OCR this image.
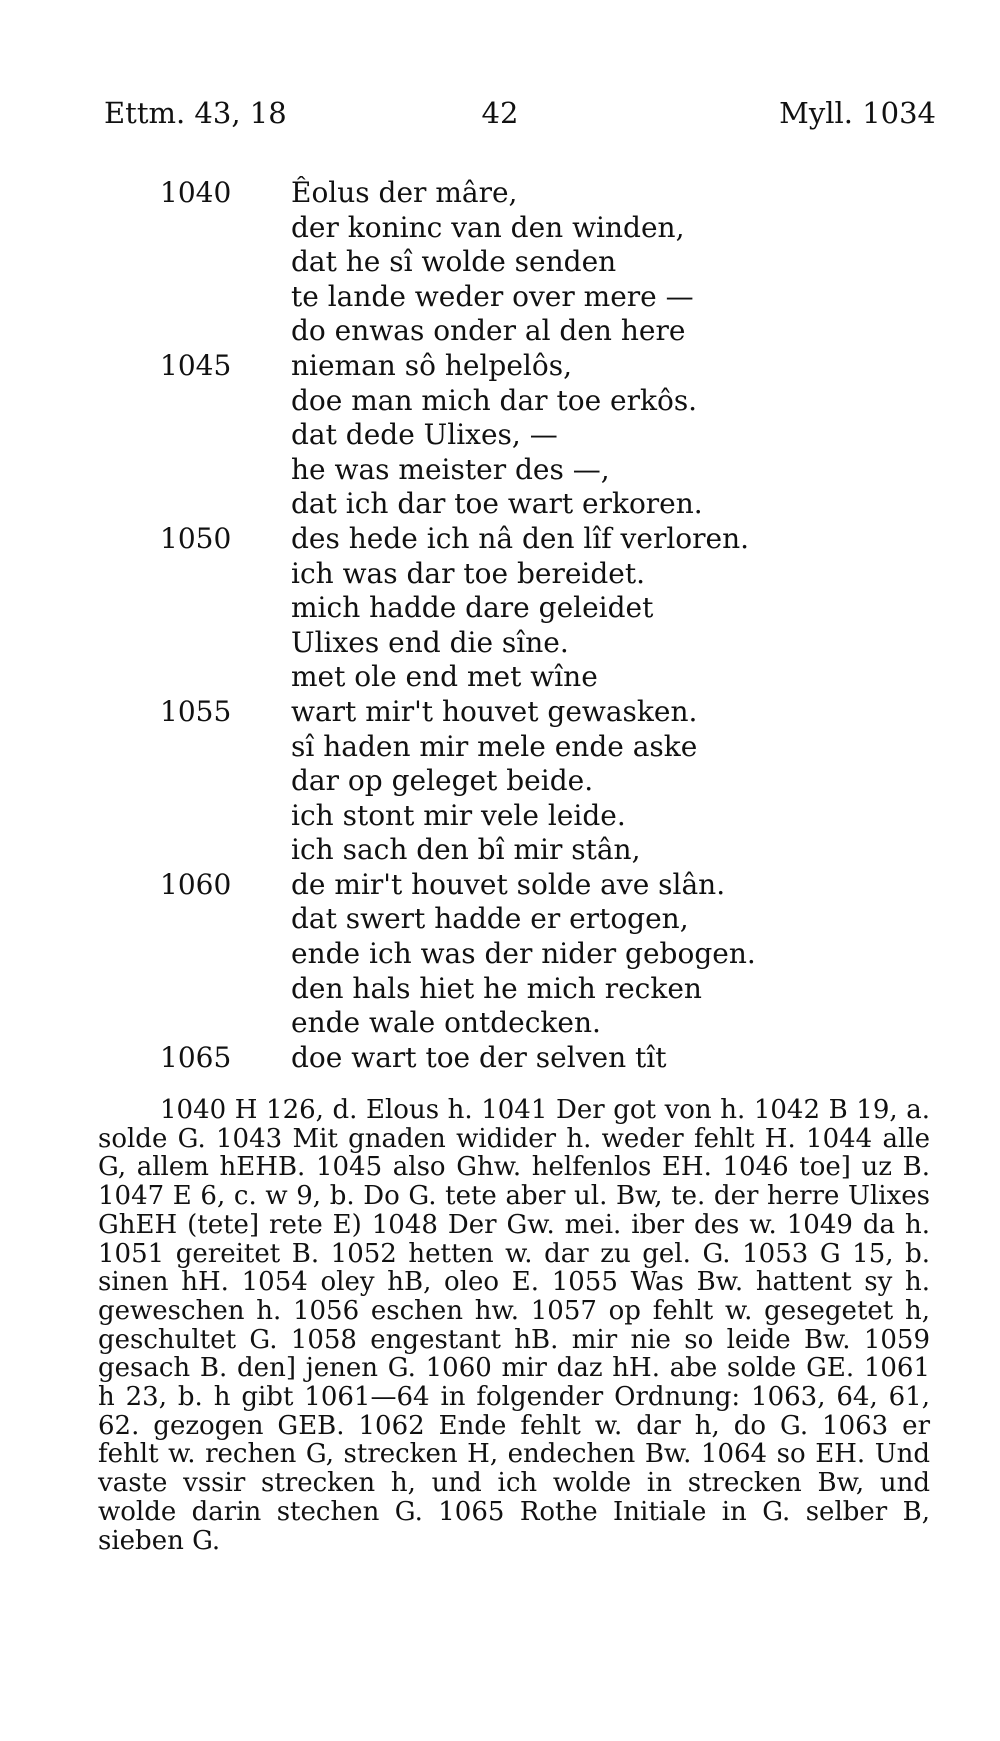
Ettm. 43, 18	42	Myll. 1034
1040	Êolus der mâre,
der koninc van den winden,
dat he sî wolde senden
te lande weder over mere —
do enwas onder al den here
1045	nieman sô helpelôs,
doe man mich dar toe erkôs.
dat dede Ulixes, —
he was meister des —,
dat ich dar toe wart erkoren.
1050	des hede ich nâ den lîf verloren.
ich was dar toe bereidet.
mich hadde dare geleidet
Ulixes end die sîne.
met ole end met wîne
1055	wart mir't houvet gewasken.
sî haden mir mele ende aske
dar op geleget beide.
ich stont mir vele leide.
ich sach den bî mir stân,
1060	de mir't houvet solde ave slân.
dat swert hadde er ertogen,
ende ich was der nider gebogen.
den hals hiet he mich recken
ende wale ontdecken.
1065	doe wart toe der selven tît
1040 H 126, d. Elous h. 1041 Der got von h. 1042 B 19, a. solde G. 1043 Mit gnaden widider h. weder fehlt H. 1044 alle G, allem hEHB. 1045 also Ghw. helfenlos EH. 1046 toe] uz B. 1047 E 6, c. w 9, b. Do G. tete aber ul. Bw, te. der herre Ulixes GhEH (tete] rete E) 1048 Der Gw. mei. iber des w. 1049 da h. 1051 gereitet B. 1052 hetten w. dar zu gel. G. 1053 G 15, b. sinen hH. 1054 oley hB, oleo E. 1055 Was Bw. hattent sy h. geweschen h. 1056 eschen hw. 1057 op fehlt w. gesegetet h, geschultet G. 1058 engestant hB. mir nie so leide Bw. 1059 gesach B. den] jenen G. 1060 mir daz hH. abe solde GE. 1061 h 23, b. h gibt 1061—64 in folgender Ordnung: 1063, 64, 61, 62. gezogen GEB. 1062 Ende fehlt w. dar h, do G. 1063 er fehlt w. rechen G, strecken H, endechen Bw. 1064 so EH. Und vaste vssir strecken h, und ich wolde in strecken Bw, und wolde darin stechen G. 1065 Rothe Initiale in G. selber B, sieben G.
